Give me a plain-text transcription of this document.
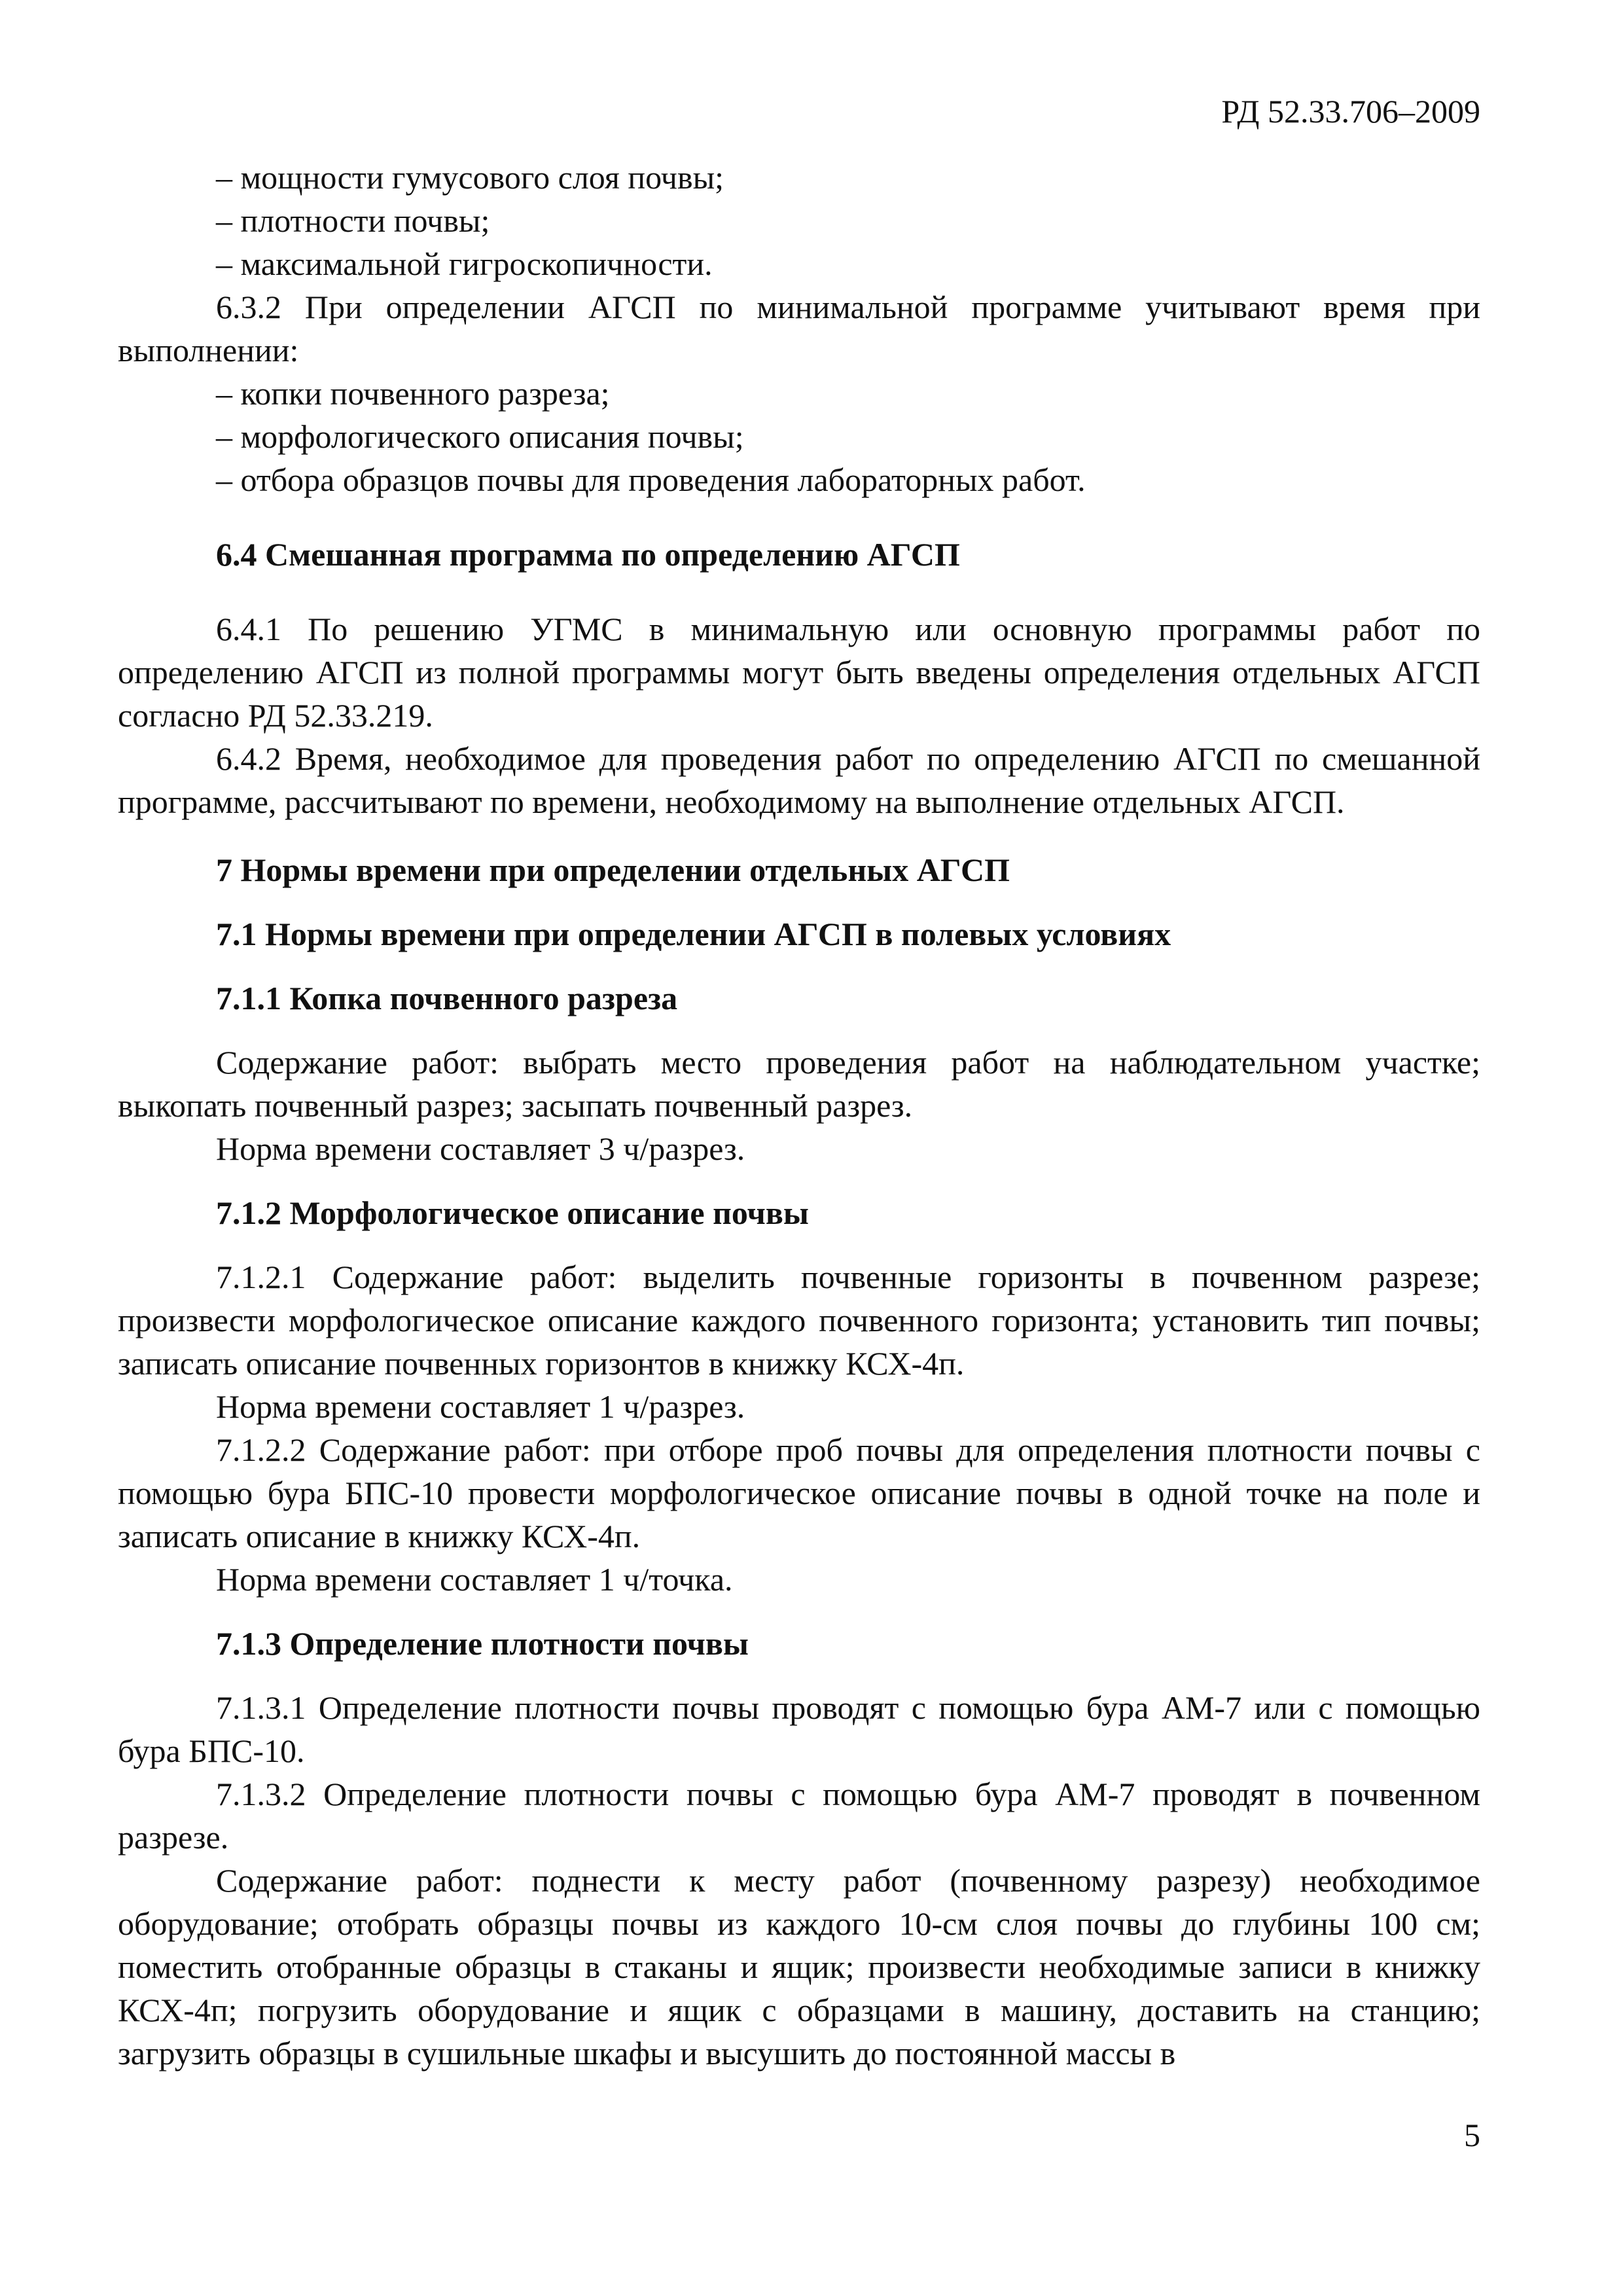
РД 52.33.706–2009

– мощности гумусового слоя почвы;

– плотности почвы;

– максимальной гигроскопичности.

6.3.2 При определении АГСП по минимальной программе учитывают время при выполнении:

– копки почвенного разреза;

– морфологического описания почвы;

– отбора образцов почвы для проведения лабораторных работ.

6.4 Смешанная программа по определению АГСП

6.4.1 По решению УГМС в минимальную или основную программы работ по определению АГСП из полной программы могут быть введены определения отдельных АГСП согласно РД 52.33.219.

6.4.2 Время, необходимое для проведения работ по определению АГСП по смешанной программе, рассчитывают по времени, необходимому на выполнение отдельных АГСП.

7 Нормы времени при определении отдельных АГСП
7.1 Нормы времени при определении АГСП в полевых условиях
7.1.1 Копка почвенного разреза

Содержание работ: выбрать место проведения работ на наблюдательном участке; выкопать почвенный разрез; засыпать почвенный разрез.

Норма времени составляет 3 ч/разрез.

7.1.2 Морфологическое описание почвы

7.1.2.1 Содержание работ: выделить почвенные горизонты в почвенном разрезе; произвести морфологическое описание каждого почвенного горизонта; установить тип почвы; записать описание почвенных горизонтов в книжку КСХ-4п.

Норма времени составляет 1 ч/разрез.

7.1.2.2 Содержание работ: при отборе проб почвы для определения плотности почвы с помощью бура БПС-10 провести морфологическое описание почвы в одной точке на поле и записать описание в книжку КСХ-4п.

Норма времени составляет 1 ч/точка.

7.1.3 Определение плотности почвы

7.1.3.1 Определение плотности почвы проводят с помощью бура АМ-7 или с помощью бура БПС-10.

7.1.3.2 Определение плотности почвы с помощью бура АМ-7 проводят в почвенном разрезе.

Содержание работ: поднести к месту работ (почвенному разрезу) необходимое оборудование; отобрать образцы почвы из каждого 10-см слоя почвы до глубины 100 см; поместить отобранные образцы в стаканы и ящик; произвести необходимые записи в книжку КСХ-4п; погрузить оборудование и ящик с образцами в машину, доставить на станцию; загрузить образцы в сушильные шкафы и высушить до постоянной массы в

5
